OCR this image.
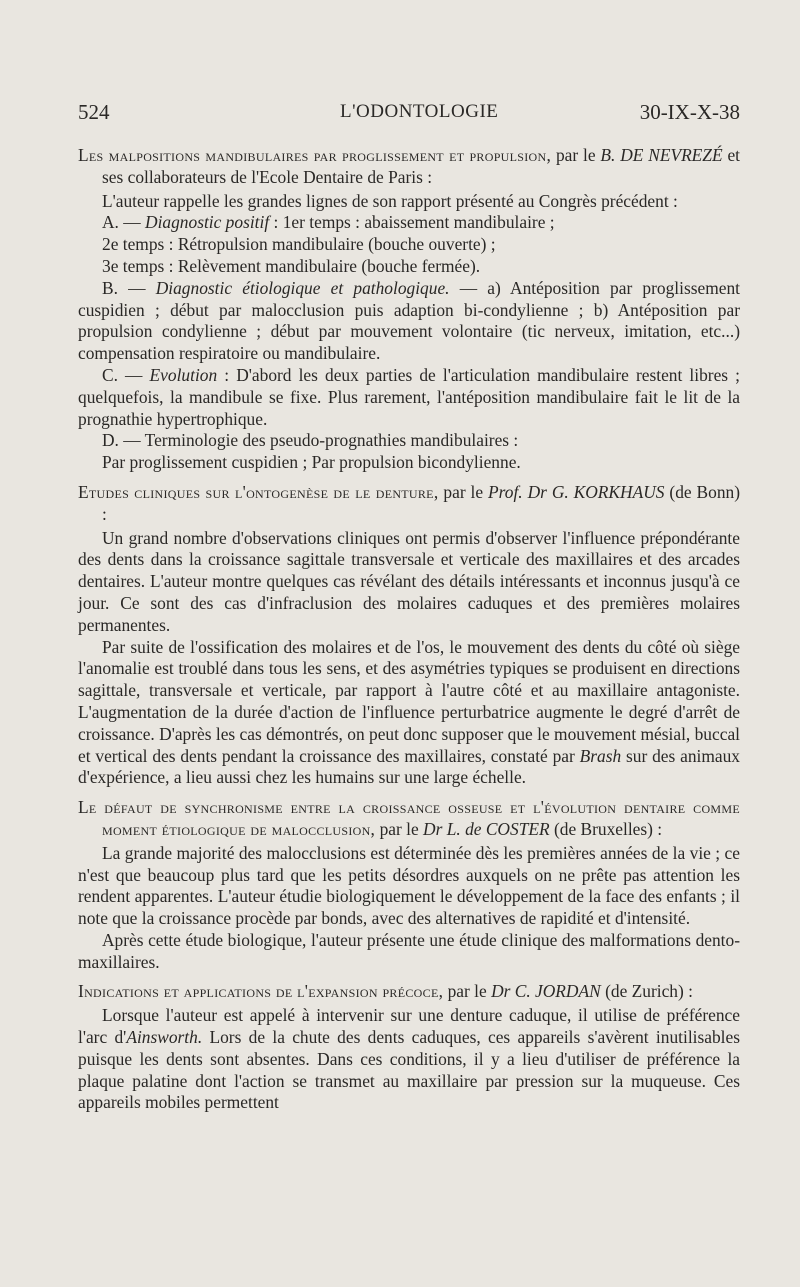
524	L'ODONTOLOGIE	30-IX-X-38

Les malpositions mandibulaires par proglissement et propulsion, par le B. DE NEVREZÉ et ses collaborateurs de l'Ecole Dentaire de Paris :

L'auteur rappelle les grandes lignes de son rapport présenté au Congrès précédent :

A. — Diagnostic positif : 1er temps : abaissement mandibulaire ;

2e temps : Rétropulsion mandibulaire (bouche ouverte) ;

3e temps : Relèvement mandibulaire (bouche fermée).

B. — Diagnostic étiologique et pathologique. — a) Antéposition par proglissement cuspidien ; début par malocclusion puis adaption bi-condylienne ; b) Antéposition par propulsion condylienne ; début par mouvement volontaire (tic nerveux, imitation, etc...) compensation respiratoire ou mandibulaire.

C. — Evolution : D'abord les deux parties de l'articulation mandibulaire restent libres ; quelquefois, la mandibule se fixe. Plus rarement, l'antéposition mandibulaire fait le lit de la prognathie hypertrophique.

D. — Terminologie des pseudo-prognathies mandibulaires :

Par proglissement cuspidien ; Par propulsion bicondylienne.

Etudes cliniques sur l'ontogenèse de le denture, par le Prof. Dr G. KORKHAUS (de Bonn) :

Un grand nombre d'observations cliniques ont permis d'observer l'influence prépondérante des dents dans la croissance sagittale transversale et verticale des maxillaires et des arcades dentaires. L'auteur montre quelques cas révélant des détails intéressants et inconnus jusqu'à ce jour. Ce sont des cas d'infraclusion des molaires caduques et des premières molaires permanentes.

Par suite de l'ossification des molaires et de l'os, le mouvement des dents du côté où siège l'anomalie est troublé dans tous les sens, et des asymétries typiques se produisent en directions sagittale, transversale et verticale, par rapport à l'autre côté et au maxillaire antagoniste. L'augmentation de la durée d'action de l'influence perturbatrice augmente le degré d'arrêt de croissance. D'après les cas démontrés, on peut donc supposer que le mouvement mésial, buccal et vertical des dents pendant la croissance des maxillaires, constaté par Brash sur des animaux d'expérience, a lieu aussi chez les humains sur une large échelle.

Le défaut de synchronisme entre la croissance osseuse et l'évolution dentaire comme moment étiologique de malocclusion, par le Dr L. de COSTER (de Bruxelles) :

La grande majorité des malocclusions est déterminée dès les premières années de la vie ; ce n'est que beaucoup plus tard que les petits désordres auxquels on ne prête pas attention les rendent apparentes. L'auteur étudie biologiquement le développement de la face des enfants ; il note que la croissance procède par bonds, avec des alternatives de rapidité et d'intensité.

Après cette étude biologique, l'auteur présente une étude clinique des malformations dento-maxillaires.

Indications et applications de l'expansion précoce, par le Dr C. JORDAN (de Zurich) :

Lorsque l'auteur est appelé à intervenir sur une denture caduque, il utilise de préférence l'arc d'Ainsworth. Lors de la chute des dents caduques, ces appareils s'avèrent inutilisables puisque les dents sont absentes. Dans ces conditions, il y a lieu d'utiliser de préférence la plaque palatine dont l'action se transmet au maxillaire par pression sur la muqueuse. Ces appareils mobiles permettent
